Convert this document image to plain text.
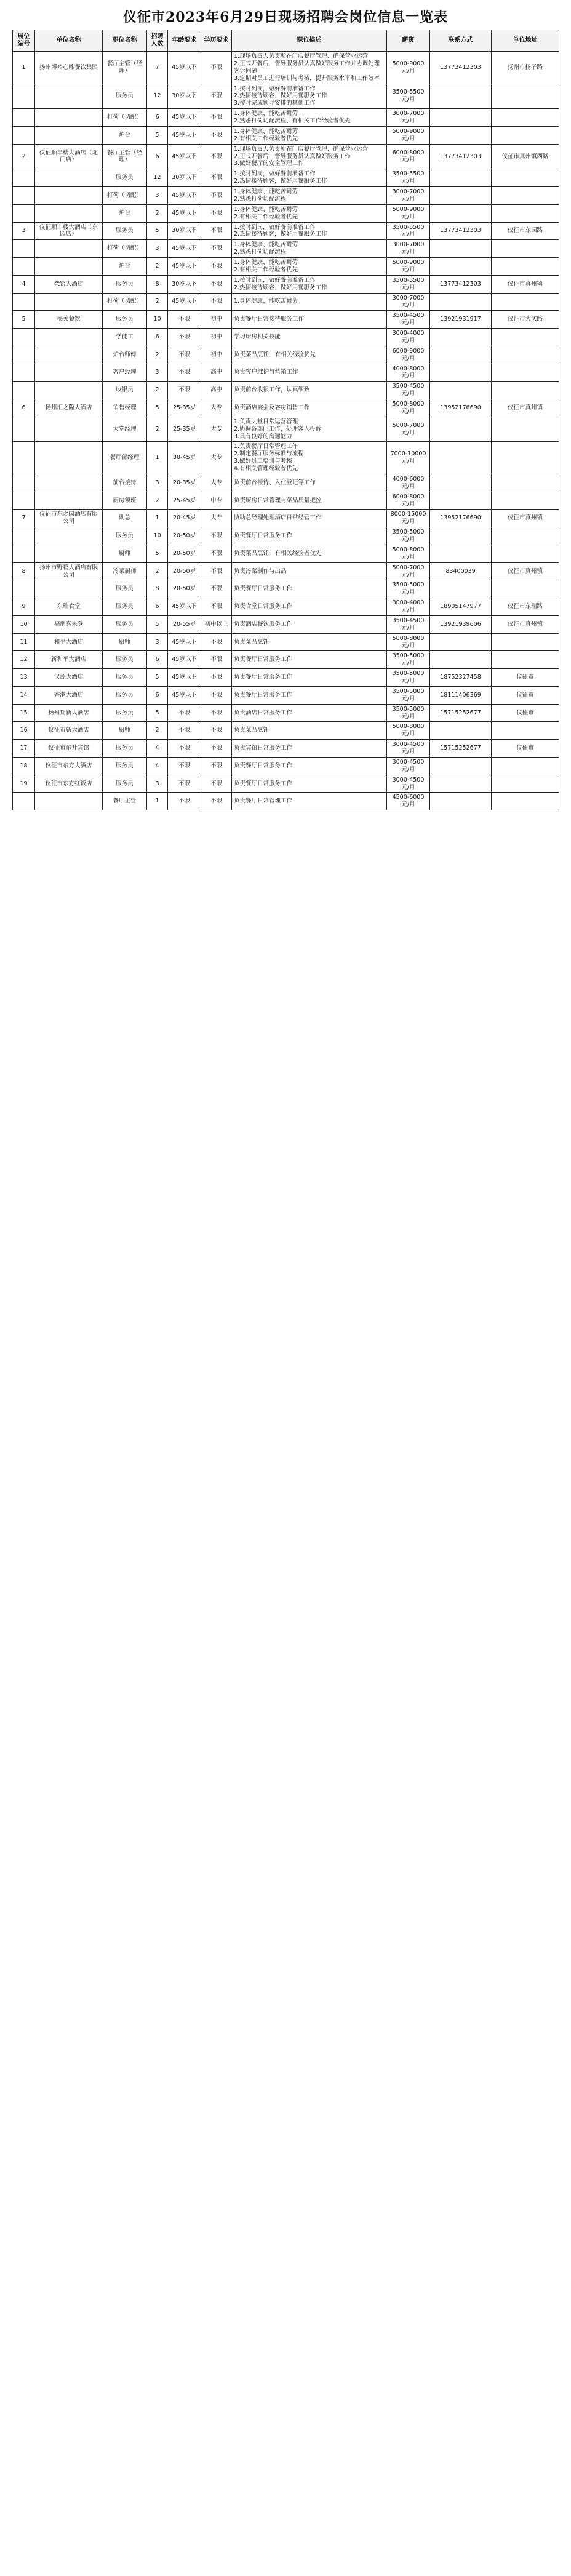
仪征市2023年6月29日现场招聘会岗位信息一览表
展位编号	单位名称	职位名称	招聘人数	年龄要求	学历要求	职位描述	薪资	联系方式	单位地址
1	扬州博裕心雕餐饮集团	餐厅主管（经理）	7	45岁以下	不限	1.现场负责人负责所在门店餐厅管理、确保营业运营
2.正式开餐后，督导服务员认真做好服务工作并协调处理客诉问题
3.定期对员工进行培训与考核，提升服务水平和工作效率	5000-9000元/月	13773412303	扬州市扬子路
		服务员	12	30岁以下	不限	1.按时到岗，做好餐前准备工作
2.热情接待顾客，做好用餐服务工作
3.按时完成领导安排的其他工作	3500-5500元/月		
		打荷（切配）	6	45岁以下	不限	1.身体健康、能吃苦耐劳
2.熟悉打荷切配流程、有相关工作经验者优先	3000-7000元/月		
		炉台	5	45岁以下	不限	1.身体健康、能吃苦耐劳
2.有相关工作经验者优先	5000-9000元/月		
2	仪征顺丰楼大酒店（北门店）	餐厅主管（经理）	6	45岁以下	不限	1.现场负责人负责所在门店餐厅管理、确保营业运营
2.正式开餐后，督导服务员认真做好服务工作
3.做好餐厅的安全管理工作	6000-8000元/月	13773412303	仪征市真州镇西路
		服务员	12	30岁以下	不限	1.按时到岗，做好餐前准备工作
2.热情接待顾客，做好用餐服务工作	3500-5500元/月		
		打荷（切配）	3	45岁以下	不限	1.身体健康、能吃苦耐劳
2.熟悉打荷切配流程	3000-7000元/月		
		炉台	2	45岁以下	不限	1.身体健康、能吃苦耐劳
2.有相关工作经验者优先	5000-9000元/月		
3	仪征顺丰楼大酒店（东园店）	服务员	5	30岁以下	不限	1.按时到岗，做好餐前准备工作
2.热情接待顾客，做好用餐服务工作	3500-5500元/月	13773412303	仪征市东园路
		打荷（切配）	3	45岁以下	不限	1.身体健康、能吃苦耐劳
2.熟悉打荷切配流程	3000-7000元/月		
		炉台	2	45岁以下	不限	1.身体健康、能吃苦耐劳
2.有相关工作经验者优先	5000-9000元/月		
4	柴窑大酒店	服务员	8	30岁以下	不限	1.按时到岗，做好餐前准备工作
2.热情接待顾客，做好用餐服务工作	3500-5500元/月	13773412303	仪征市真州镇
		打荷（切配）	2	45岁以下	不限	1.身体健康、能吃苦耐劳	3000-7000元/月		
5	梅关餐饮	服务员	10	不限	初中	负责餐厅日常接待服务工作	3500-4500元/月	13921931917	仪征市大庆路
		学徒工	6	不限	初中	学习厨房相关技能	3000-4000元/月		
		炉台师傅	2	不限	初中	负责菜品烹饪，有相关经验优先	6000-9000元/月		
		客户经理	3	不限	高中	负责客户维护与营销工作	4000-8000元/月		
		收银员	2	不限	高中	负责前台收银工作，认真细致	3500-4500元/月		
6	扬州汇之隆大酒店	销售经理	5	25-35岁	大专	负责酒店宴会及客房销售工作	5000-8000元/月	13952176690	仪征市真州镇
		大堂经理	2	25-35岁	大专	1.负责大堂日常运营管理
2.协调各部门工作，处理客人投诉
3.具有良好的沟通能力	5000-7000元/月		
		餐厅部经理	1	30-45岁	大专	1.负责餐厅日常管理工作
2.制定餐厅服务标准与流程
3.做好员工培训与考核
4.有相关管理经验者优先	7000-10000元/月		
		前台接待	3	20-35岁	大专	负责前台接待、入住登记等工作	4000-6000元/月		
		厨房领班	2	25-45岁	中专	负责厨房日常管理与菜品质量把控	6000-8000元/月		
7	仪征市东之园酒店有限公司	副总	1	20-45岁	大专	协助总经理处理酒店日常经营工作	8000-15000元/月	13952176690	仪征市真州镇
		服务员	10	20-50岁	不限	负责餐厅日常服务工作	3500-5000元/月		
		厨师	5	20-50岁	不限	负责菜品烹饪，有相关经验者优先	5000-8000元/月		
8	扬州市野鸭大酒店有限公司	冷菜厨师	2	20-50岁	不限	负责冷菜制作与出品	5000-7000元/月	83400039	仪征市真州镇
		服务员	8	20-50岁	不限	负责餐厅日常服务工作	3500-5000元/月		
9	东瑞食堂	服务员	6	45岁以下	不限	负责食堂日常服务工作	3000-4000元/月	18905147977	仪征市东瑞路
10	福朋喜来登	服务员	5	20-55岁	初中以上	负责酒店餐饮服务工作	3500-4500元/月	13921939606	仪征市真州镇
11	和平大酒店	厨师	3	45岁以下	不限	负责菜品烹饪	5000-8000元/月		
12	新和平大酒店	服务员	6	45岁以下	不限	负责餐厅日常服务工作	3500-5000元/月		
13	汉源大酒店	服务员	5	45岁以下	不限	负责餐厅日常服务工作	3500-5000元/月	18752327458	仪征市
14	香港大酒店	服务员	6	45岁以下	不限	负责餐厅日常服务工作	3500-5000元/月	18111406369	仪征市
15	扬州翔新大酒店	服务员	5	不限	不限	负责酒店日常服务工作	3500-5000元/月	15715252677	仪征市
16	仪征市新大酒店	厨师	2	不限	不限	负责菜品烹饪	5000-8000元/月		
17	仪征市东升宾馆	服务员	4	不限	不限	负责宾馆日常服务工作	3000-4500元/月	15715252677	仪征市
18	仪征市东方大酒店	服务员	4	不限	不限	负责餐厅日常服务工作	3000-4500元/月		
19	仪征市东方红饭店	服务员	3	不限	不限	负责餐厅日常服务工作	3000-4500元/月		
		餐厅主管	1	不限	不限	负责餐厅日常管理工作	4500-6000元/月		
